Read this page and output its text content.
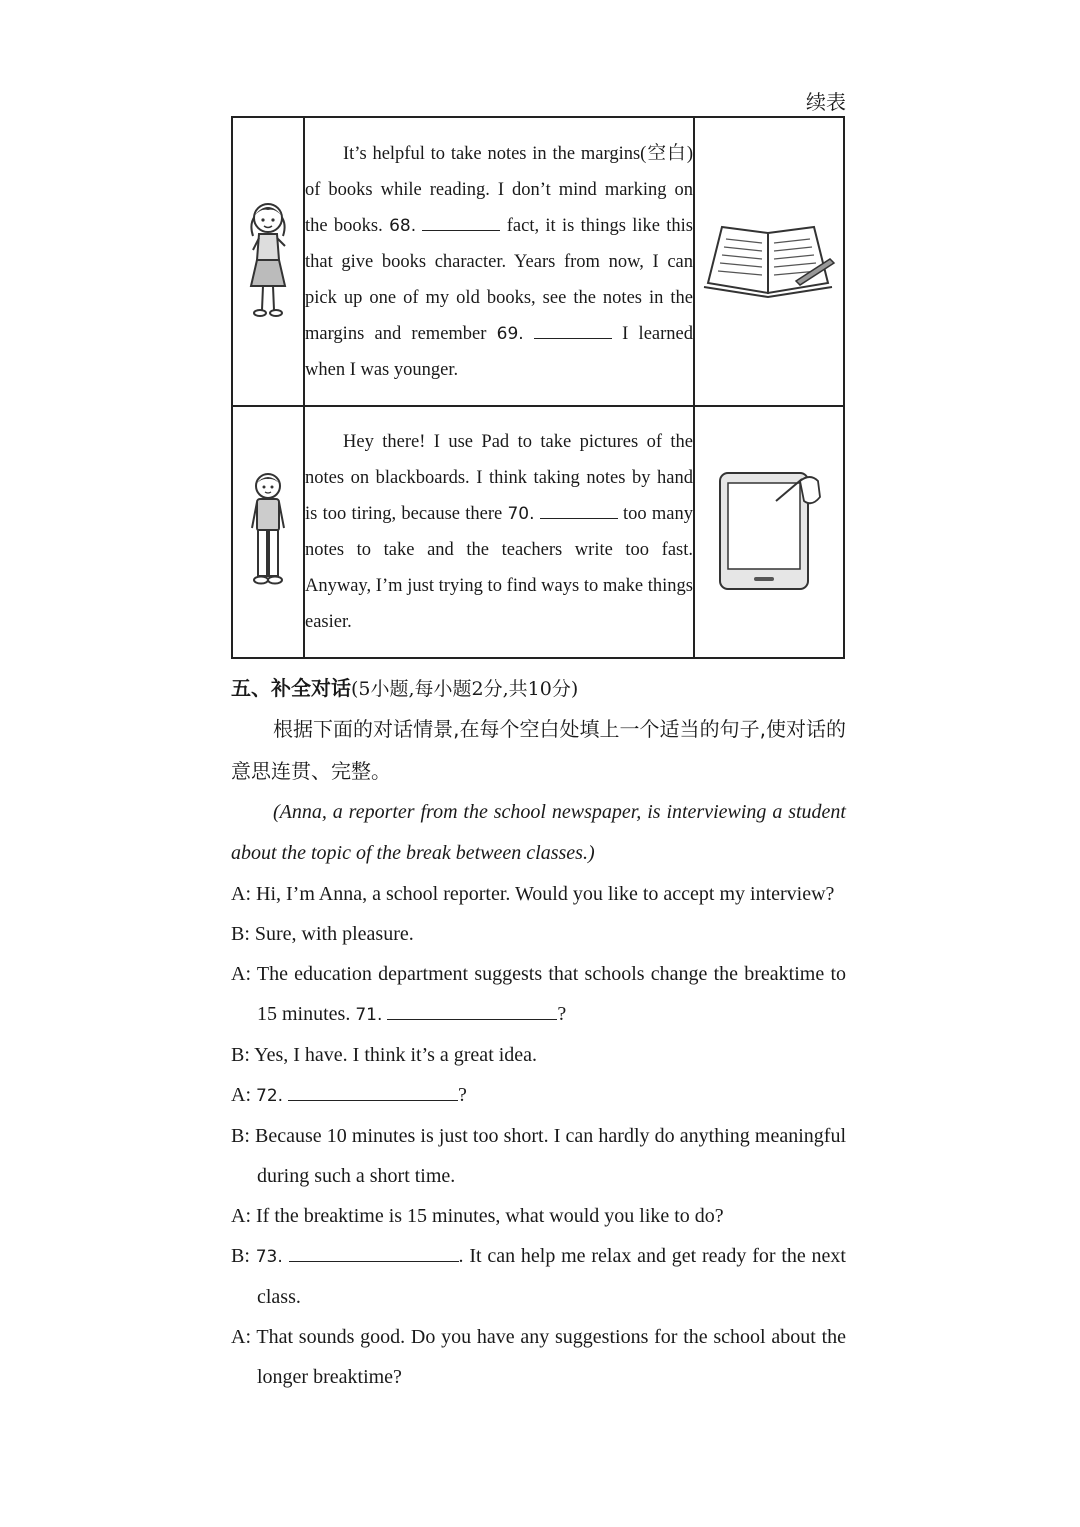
续表

It’s helpful to take notes in the margins(空白) of books while reading. I don’t mind marking on the books. 68. fact, it is things like this that give books character. Years from now, I can pick up one of my old books, see the notes in the margins and remember 69. I learned when I was younger.

Hey there! I use Pad to take pictures of the notes on blackboards. I think taking notes by hand is too tiring, because there 70. too many notes to take and the teachers write too fast. Anyway, I’m just trying to find ways to make things easier.

五、补全对话(5小题,每小题2分,共10分)

根据下面的对话情景,在每个空白处填上一个适当的句子,使对话的意思连贯、完整。

(Anna, a reporter from the school newspaper, is interviewing a student about the topic of the break between classes.)

A: Hi, I’m Anna, a school reporter. Would you like to accept my interview?

B: Sure, with pleasure.

A: The education department suggests that schools change the breaktime to 15 minutes. 71.	?

B: Yes, I have. I think it’s a great idea.

A: 72.	?

B: Because 10 minutes is just too short. I can hardly do anything meaningful during such a short time.

A: If the breaktime is 15 minutes, what would you like to do?

B: 73.	. It can help me relax and get ready for the next class.

A: That sounds good. Do you have any suggestions for the school about the longer breaktime?
